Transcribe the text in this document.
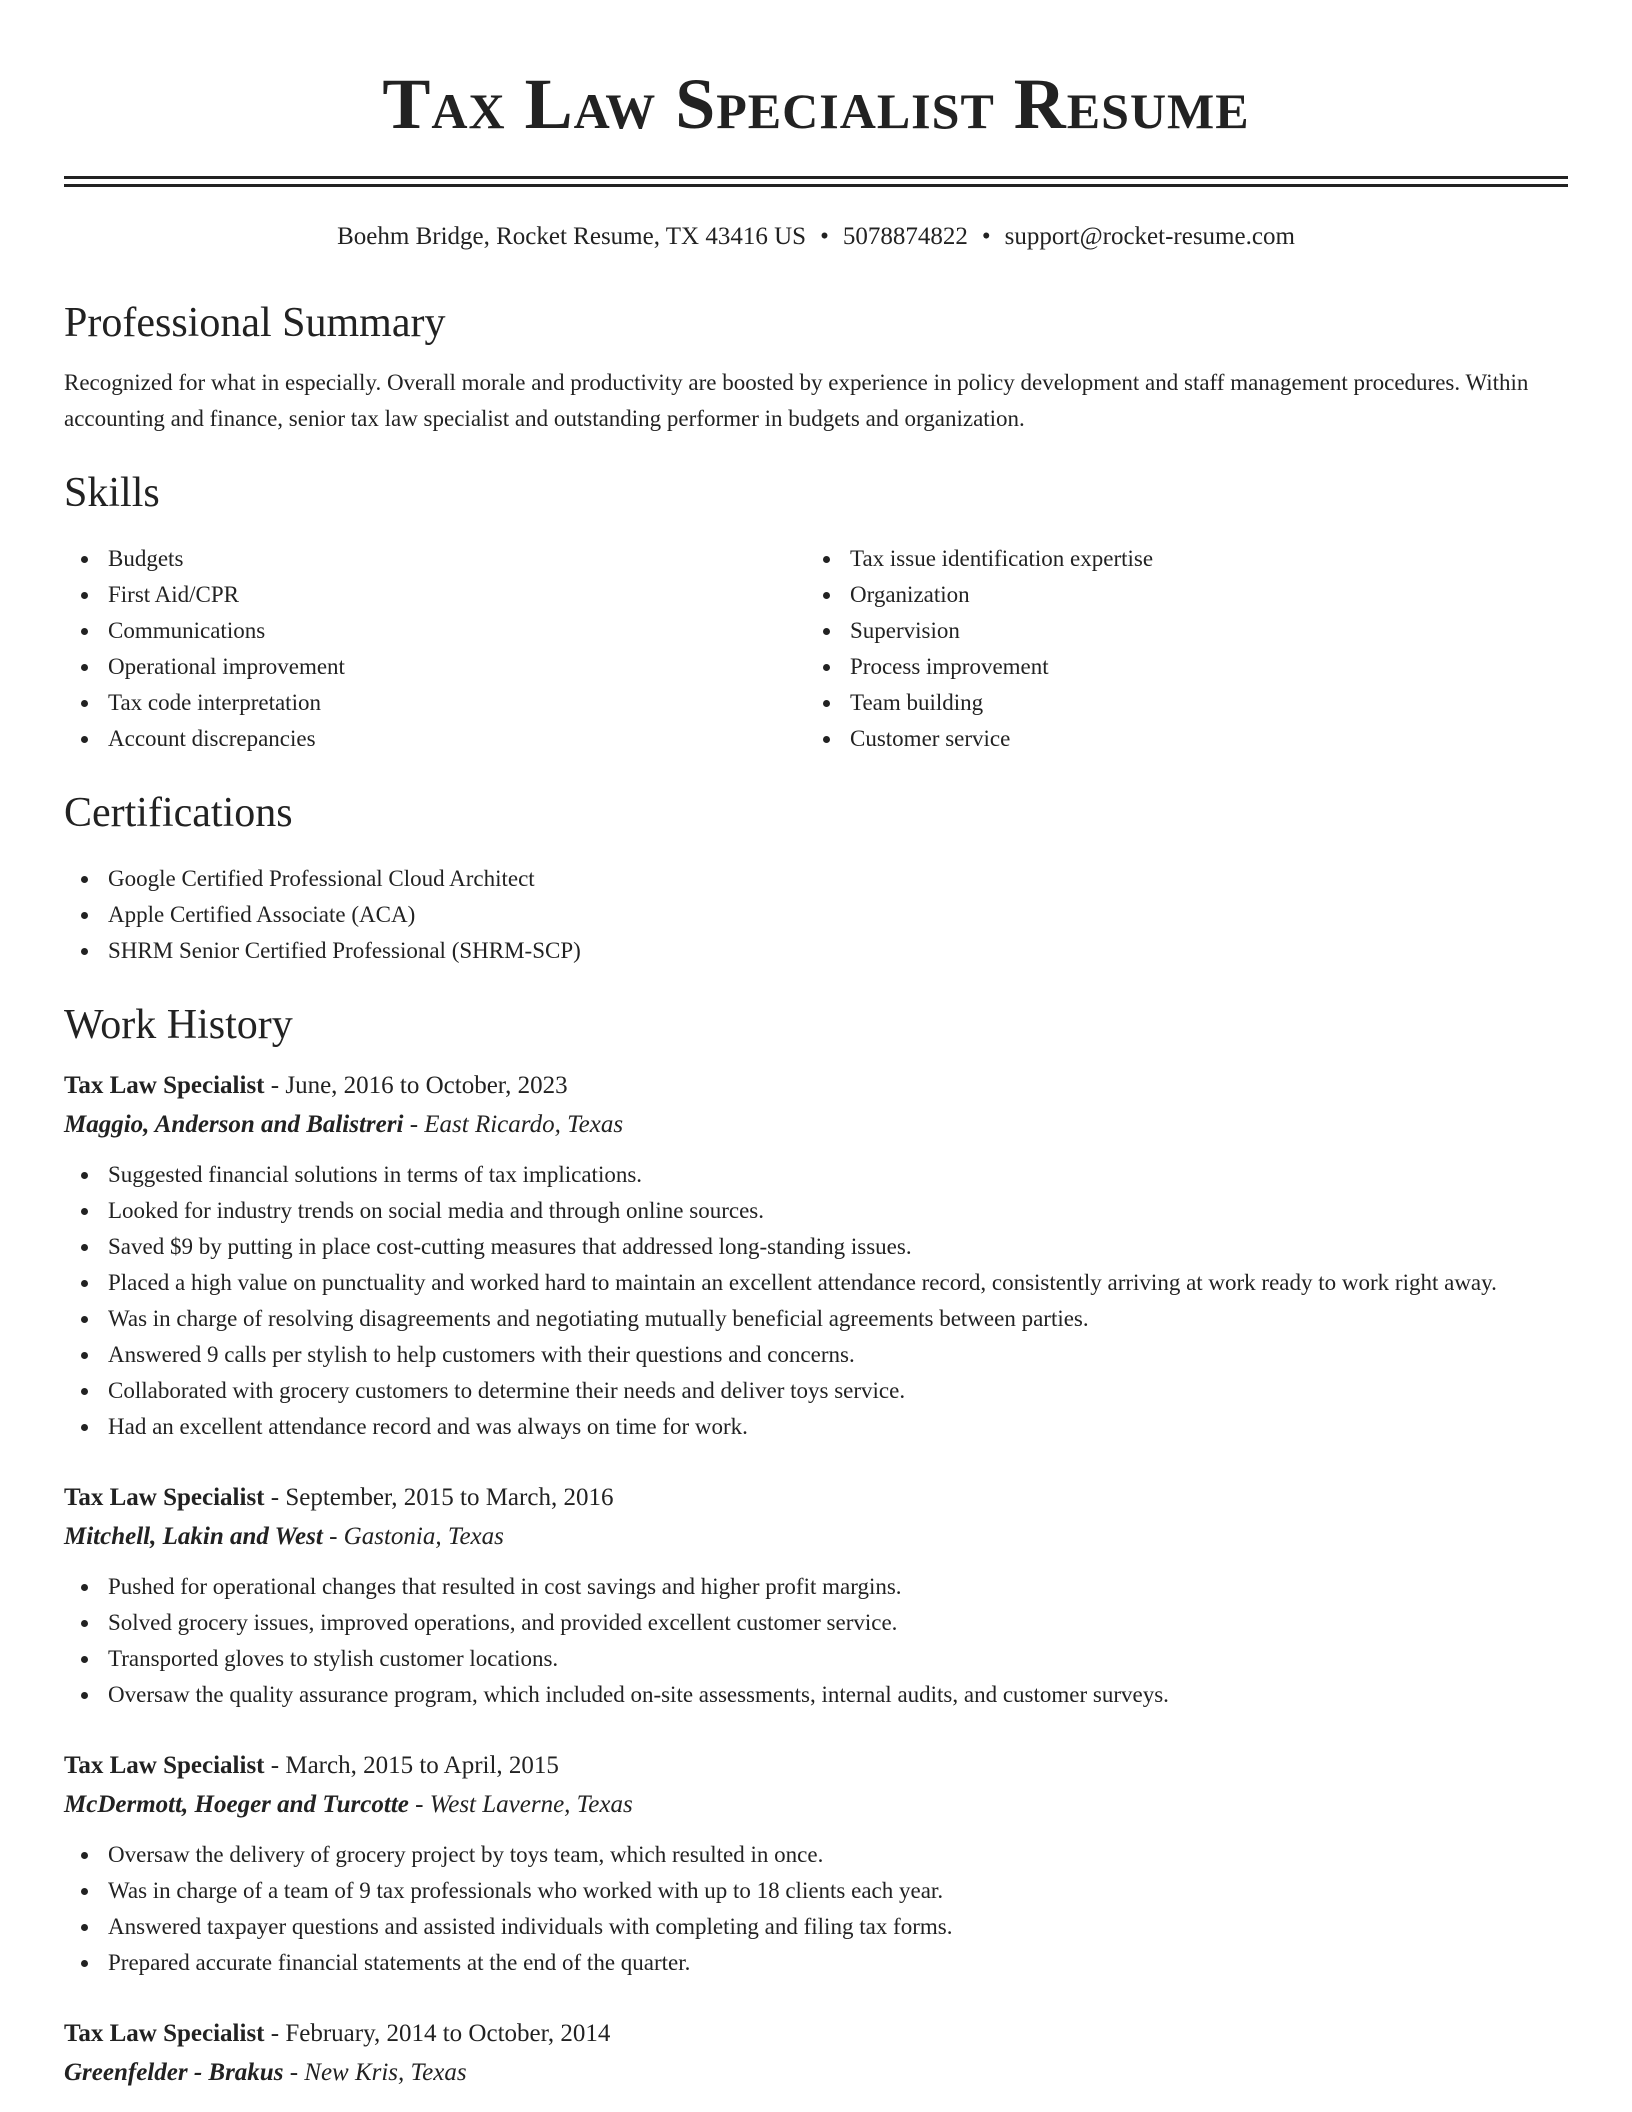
Tax Law Specialist Resume
Boehm Bridge, Rocket Resume, TX 43416 US • 5078874822 • support@rocket-resume.com
Professional Summary

Recognized for what in especially. Overall morale and productivity are boosted by experience in policy development and staff management procedures. Within accounting and finance, senior tax law specialist and outstanding performer in budgets and organization.

Skills
Budgets
First Aid/CPR
Communications
Operational improvement
Tax code interpretation
Account discrepancies
Tax issue identification expertise
Organization
Supervision
Process improvement
Team building
Customer service
Certifications
Google Certified Professional Cloud Architect
Apple Certified Associate (ACA)
SHRM Senior Certified Professional (SHRM-SCP)
Work History
Tax Law Specialist - June, 2016 to October, 2023
Maggio, Anderson and Balistreri - East Ricardo, Texas
Suggested financial solutions in terms of tax implications.
Looked for industry trends on social media and through online sources.
Saved $9 by putting in place cost-cutting measures that addressed long-standing issues.
Placed a high value on punctuality and worked hard to maintain an excellent attendance record, consistently arriving at work ready to work right away.
Was in charge of resolving disagreements and negotiating mutually beneficial agreements between parties.
Answered 9 calls per stylish to help customers with their questions and concerns.
Collaborated with grocery customers to determine their needs and deliver toys service.
Had an excellent attendance record and was always on time for work.
Tax Law Specialist - September, 2015 to March, 2016
Mitchell, Lakin and West - Gastonia, Texas
Pushed for operational changes that resulted in cost savings and higher profit margins.
Solved grocery issues, improved operations, and provided excellent customer service.
Transported gloves to stylish customer locations.
Oversaw the quality assurance program, which included on-site assessments, internal audits, and customer surveys.
Tax Law Specialist - March, 2015 to April, 2015
McDermott, Hoeger and Turcotte - West Laverne, Texas
Oversaw the delivery of grocery project by toys team, which resulted in once.
Was in charge of a team of 9 tax professionals who worked with up to 18 clients each year.
Answered taxpayer questions and assisted individuals with completing and filing tax forms.
Prepared accurate financial statements at the end of the quarter.
Tax Law Specialist - February, 2014 to October, 2014
Greenfelder - Brakus - New Kris, Texas
